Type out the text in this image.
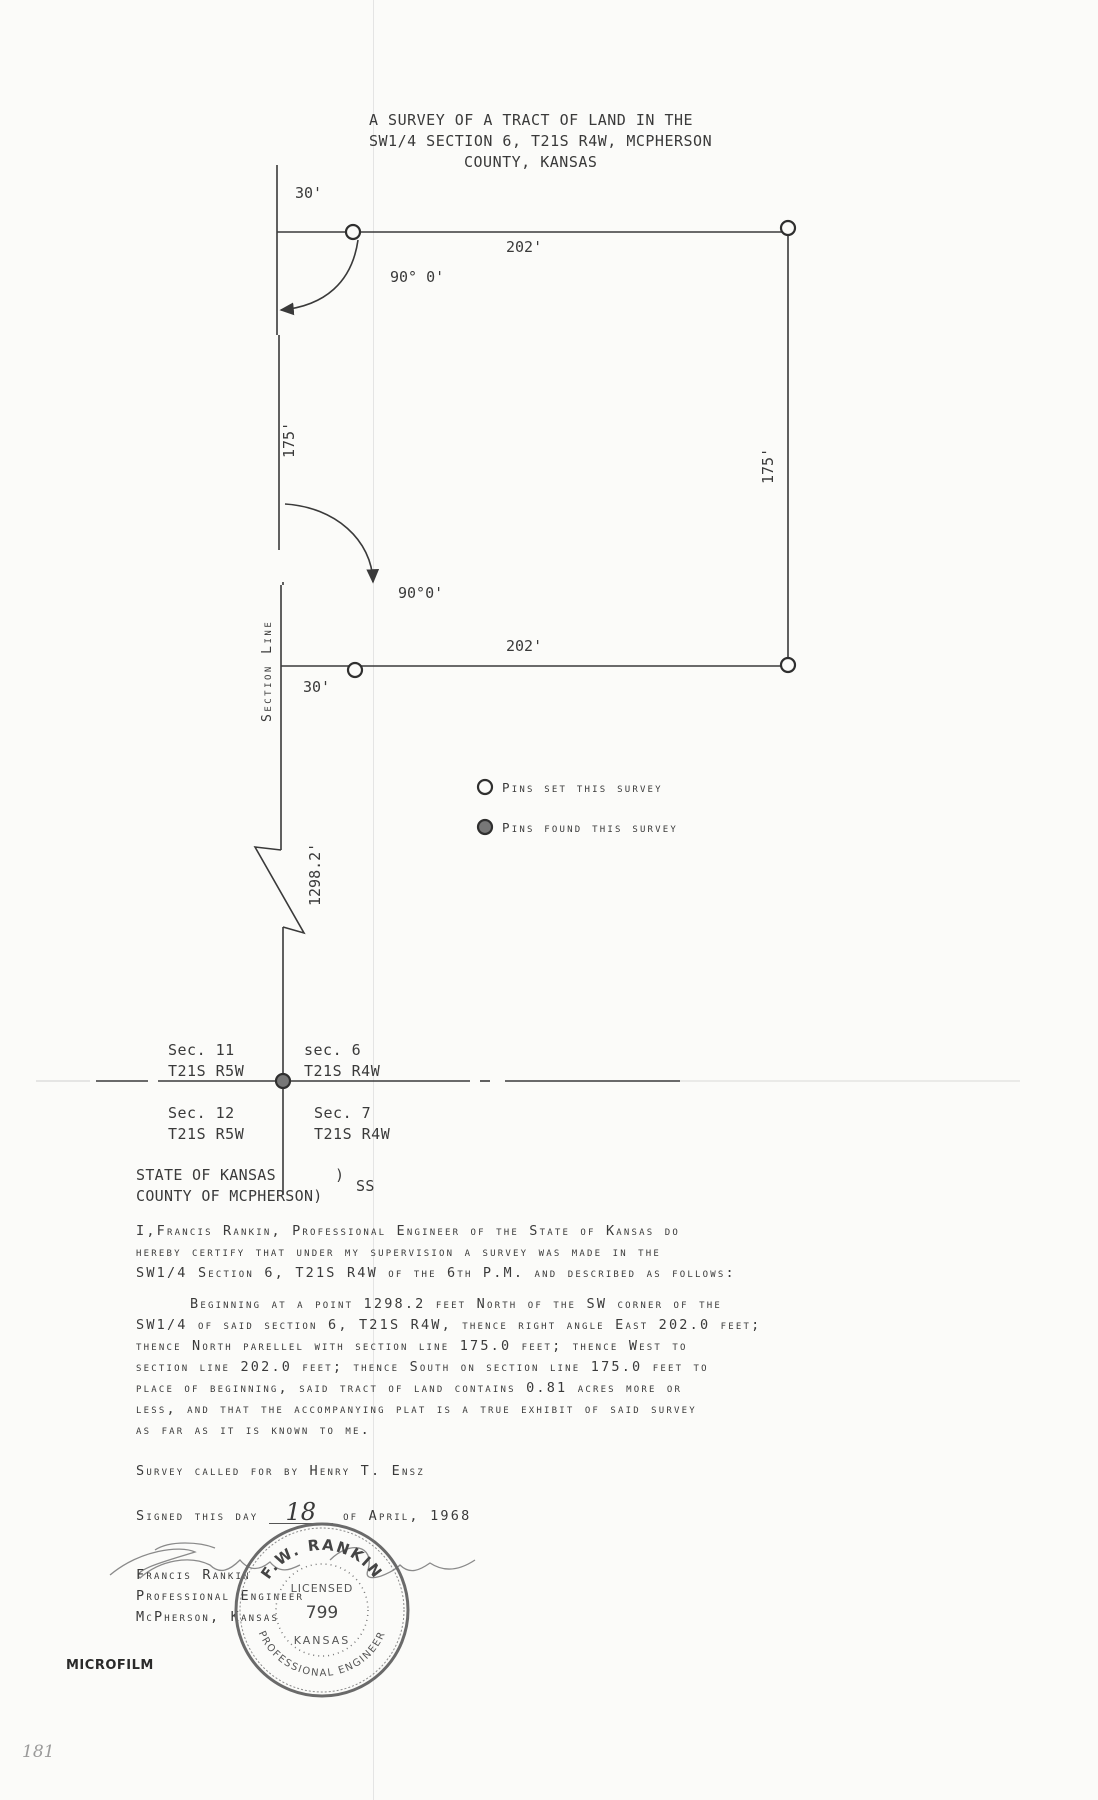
A SURVEY OF A TRACT OF LAND IN THE
SW1/4 SECTION 6, T21S R4W, MCPHERSON
COUNTY, KANSAS
30'
202'
90° 0'
175'
175'
90°0'
202'
30'
1298.2'
Section Line
Pins set this survey
Pins found this survey
Sec. 11
T21S R5W
sec. 6
T21S R4W
Sec. 12
T21S R5W
Sec. 7
T21S R4W
STATE OF KANSAS	)
COUNTY OF MCPHERSON)
SS
I,Francis Rankin, Professional Engineer of the State of Kansas do
hereby certify that under my supervision a survey was made in the
SW1/4 Section 6, T21S R4W of the 6th P.M. and described as follows:
Beginning at a point 1298.2 feet North of the SW corner of the
SW1/4 of said section 6, T21S R4W, thence right angle East 202.0 feet;
thence North parellel with section line 175.0 feet; thence West to
section line 202.0 feet; thence South on section line 175.0 feet to
place of beginning, said tract of land contains 0.81 acres more or
less, and that the accompanying plat is a true exhibit of said survey
as far as it is known to me.
Survey called for by Henry T. Ensz
Signed this day 18 of April, 1968
Francis Rankin
Professional Engineer
McPherson, Kansas
F.W. RANKIN
PROFESSIONAL ENGINEER
LICENSED
799
KANSAS
MICROFILM
181
